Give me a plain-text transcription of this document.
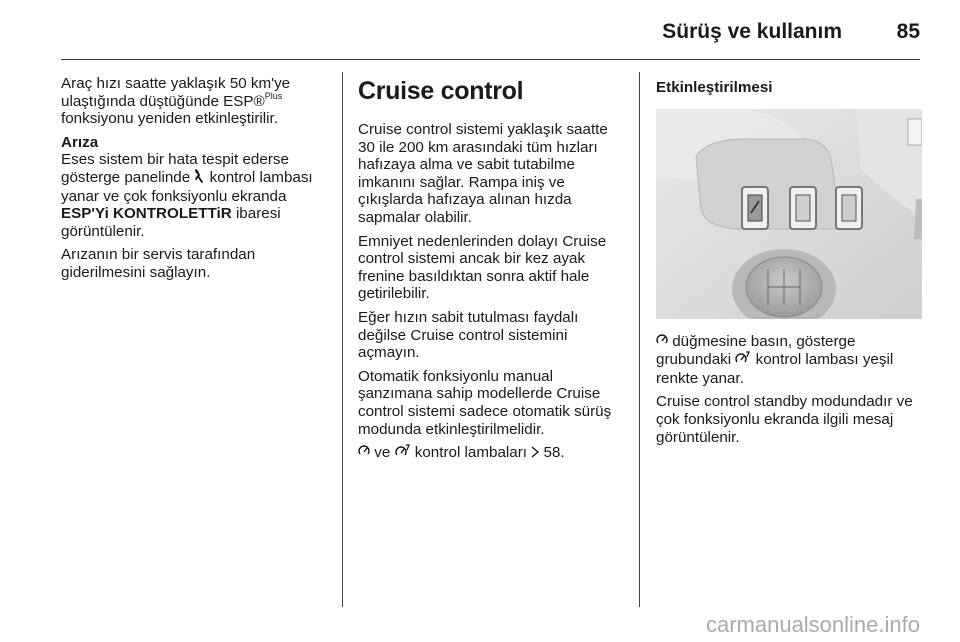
Sürüş ve kullanım	85

Araç hızı saatte yaklaşık 50 km'ye ulaştığında düştüğünde ESP®$^{Plus}$ fonksiyonu yeniden etkinleştirilir.

Arıza

Eses sistem bir hata tespit ederse gösterge panelinde kontrol lambası yanar ve çok fonksiyonlu ekranda ESP'Yi KONTROLETTiR ibaresi görüntülenir.

Arızanın bir servis tarafından giderilmesini sağlayın.

Cruise control

Cruise control sistemi yaklaşık saatte 30 ile 200 km arasındaki tüm hızları hafızaya alma ve sabit tutabilme imkanını sağlar. Rampa iniş ve çıkışlarda hafızaya alınan hızda sapmalar olabilir.

Emniyet nedenlerinden dolayı Cruise control sistemi ancak bir kez ayak frenine basıldıktan sonra aktif hale getirilebilir.

Eğer hızın sabit tutulması faydalı değilse Cruise control sistemini açmayın.

Otomatik fonksiyonlu manual şanzımana sahip modellerde Cruise control sistemi sadece otomatik sürüş modunda etkinleştirilmelidir.

ve kontrol lambaları 58.

Etkinleştirilmesi

düğmesine basın, gösterge grubundaki kontrol lambası yeşil renkte yanar.

Cruise control standby modundadır ve çok fonksiyonlu ekranda ilgili mesaj görüntülenir.

carmanualsonline.info
